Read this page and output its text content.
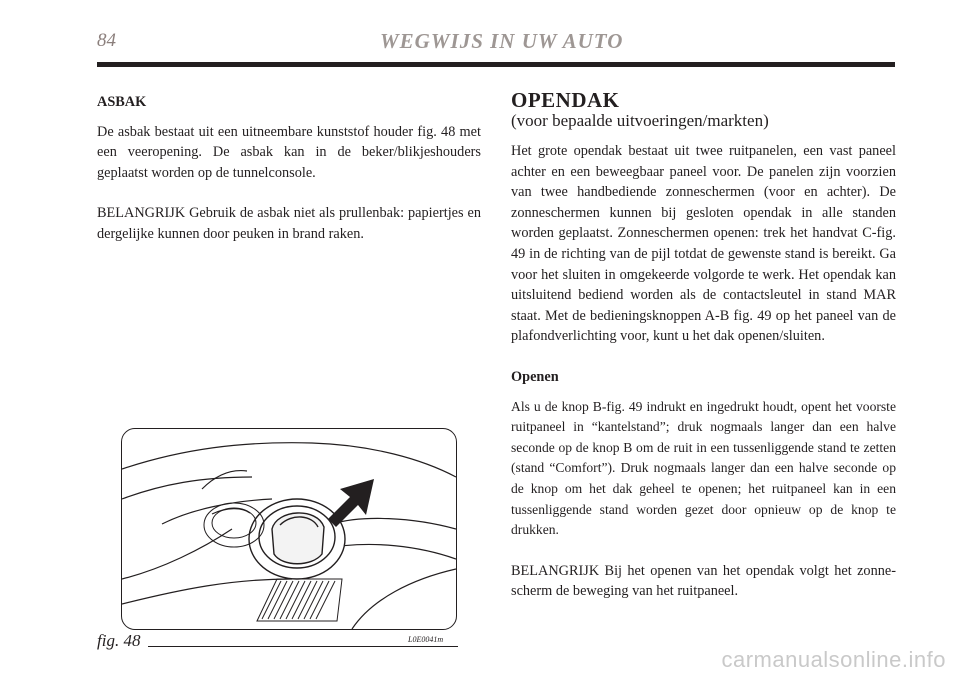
84	WEGWIJS IN UW AUTO
ASBAK

De asbak bestaat uit een uitneembare kunststof houder fig. 48 met een veeropening. De asbak kan in de beker/blikjeshouders geplaatst worden op de tunnelconsole.

BELANGRIJK Gebruik de asbak niet als prullenbak: papiertjes en dergelijke kunnen door peuken in brand raken.

OPENDAK
(voor bepaalde uitvoeringen/markten)

Het grote opendak bestaat uit twee ruitpanelen, een vast paneel achter en een beweegbaar paneel voor. De panelen zijn voorzien van twee handbediende zonneschermen (voor en achter). De zonneschermen kunnen bij gesloten opendak in alle standen worden geplaatst. Zonneschermen openen: trek het handvat C-fig. 49 in de richting van de pijl totdat de gewenste stand is bereikt. Ga voor het sluiten in omgekeerde volgorde te werk. Het opendak kan uitsluitend bediend worden als de contactsleutel in stand MAR staat. Met de bedieningsknoppen A-B fig. 49 op het paneel van de plafondverlichting voor, kunt u het dak openen/sluiten.

Openen

Als u de knop B-fig. 49 indrukt en ingedrukt houdt, opent het voorste ruitpaneel in “kantelstand”; druk nogmaals langer dan een halve seconde op de knop B om de ruit in een tussenliggende stand te zetten (stand “Comfort”). Druk nogmaals langer dan een halve seconde op de knop om het dak geheel te openen; het ruitpaneel kan in een tussenliggende stand worden gezet door opnieuw op de knop te drukken.

BELANGRIJK Bij het openen van het opendak volgt het zonnescherm de beweging van het ruitpaneel.

fig. 48	L0E0041m
carmanualsonline.info
